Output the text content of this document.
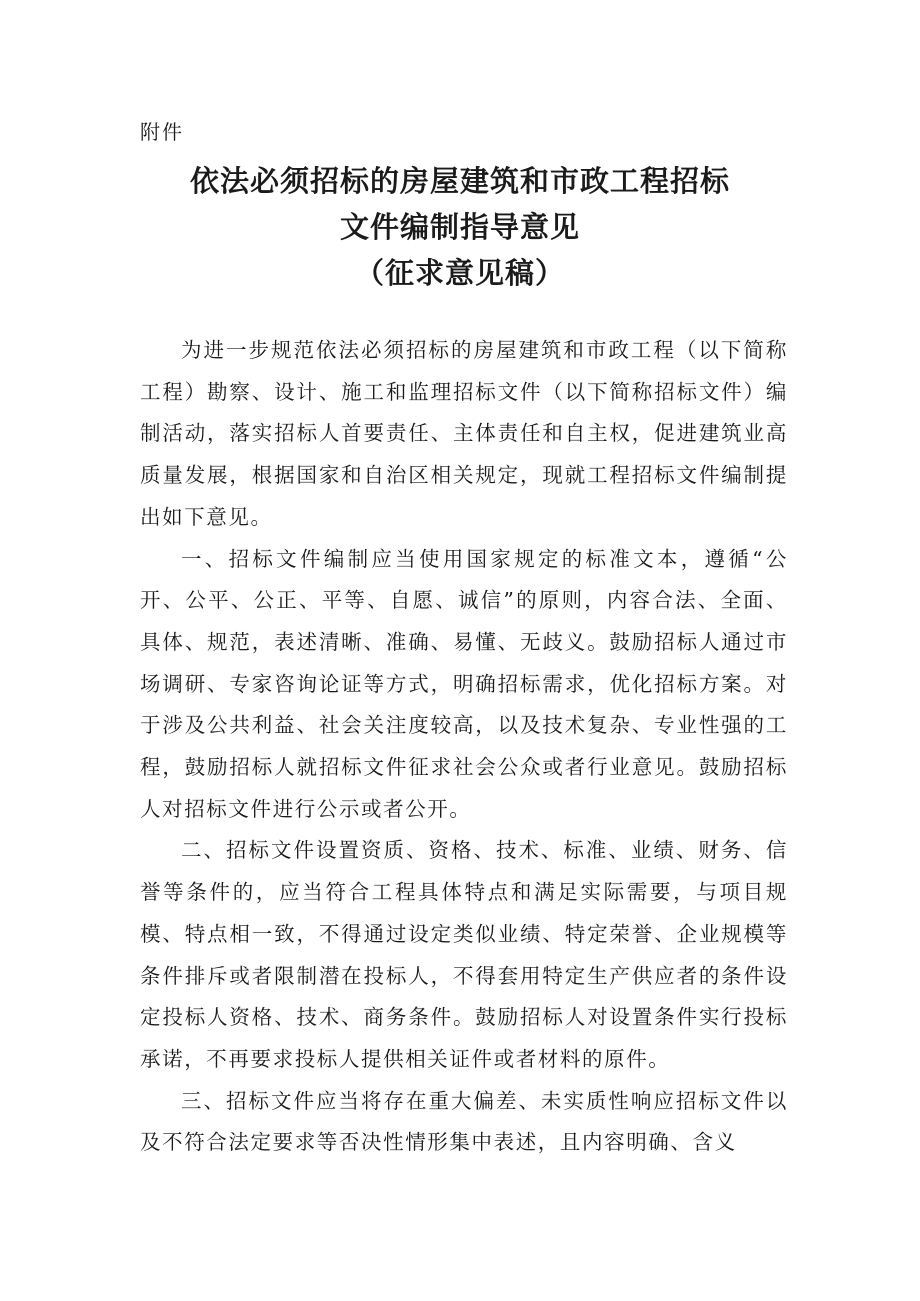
附件
依法必须招标的房屋建筑和市政工程招标
文件编制指导意见
（征求意见稿）

为进一步规范依法必须招标的房屋建筑和市政工程（以下简称工程）勘察、设计、施工和监理招标文件（以下简称招标文件）编制活动，落实招标人首要责任、主体责任和自主权，促进建筑业高质量发展，根据国家和自治区相关规定，现就工程招标文件编制提出如下意见。

一、招标文件编制应当使用国家规定的标准文本，遵循“公开、公平、公正、平等、自愿、诚信”的原则，内容合法、全面、具体、规范，表述清晰、准确、易懂、无歧义。鼓励招标人通过市场调研、专家咨询论证等方式，明确招标需求，优化招标方案。对于涉及公共利益、社会关注度较高，以及技术复杂、专业性强的工程，鼓励招标人就招标文件征求社会公众或者行业意见。鼓励招标人对招标文件进行公示或者公开。

二、招标文件设置资质、资格、技术、标准、业绩、财务、信誉等条件的，应当符合工程具体特点和满足实际需要，与项目规模、特点相一致，不得通过设定类似业绩、特定荣誉、企业规模等条件排斥或者限制潜在投标人，不得套用特定生产供应者的条件设定投标人资格、技术、商务条件。鼓励招标人对设置条件实行投标承诺，不再要求投标人提供相关证件或者材料的原件。

三、招标文件应当将存在重大偏差、未实质性响应招标文件以及不符合法定要求等否决性情形集中表述，且内容明确、含义
